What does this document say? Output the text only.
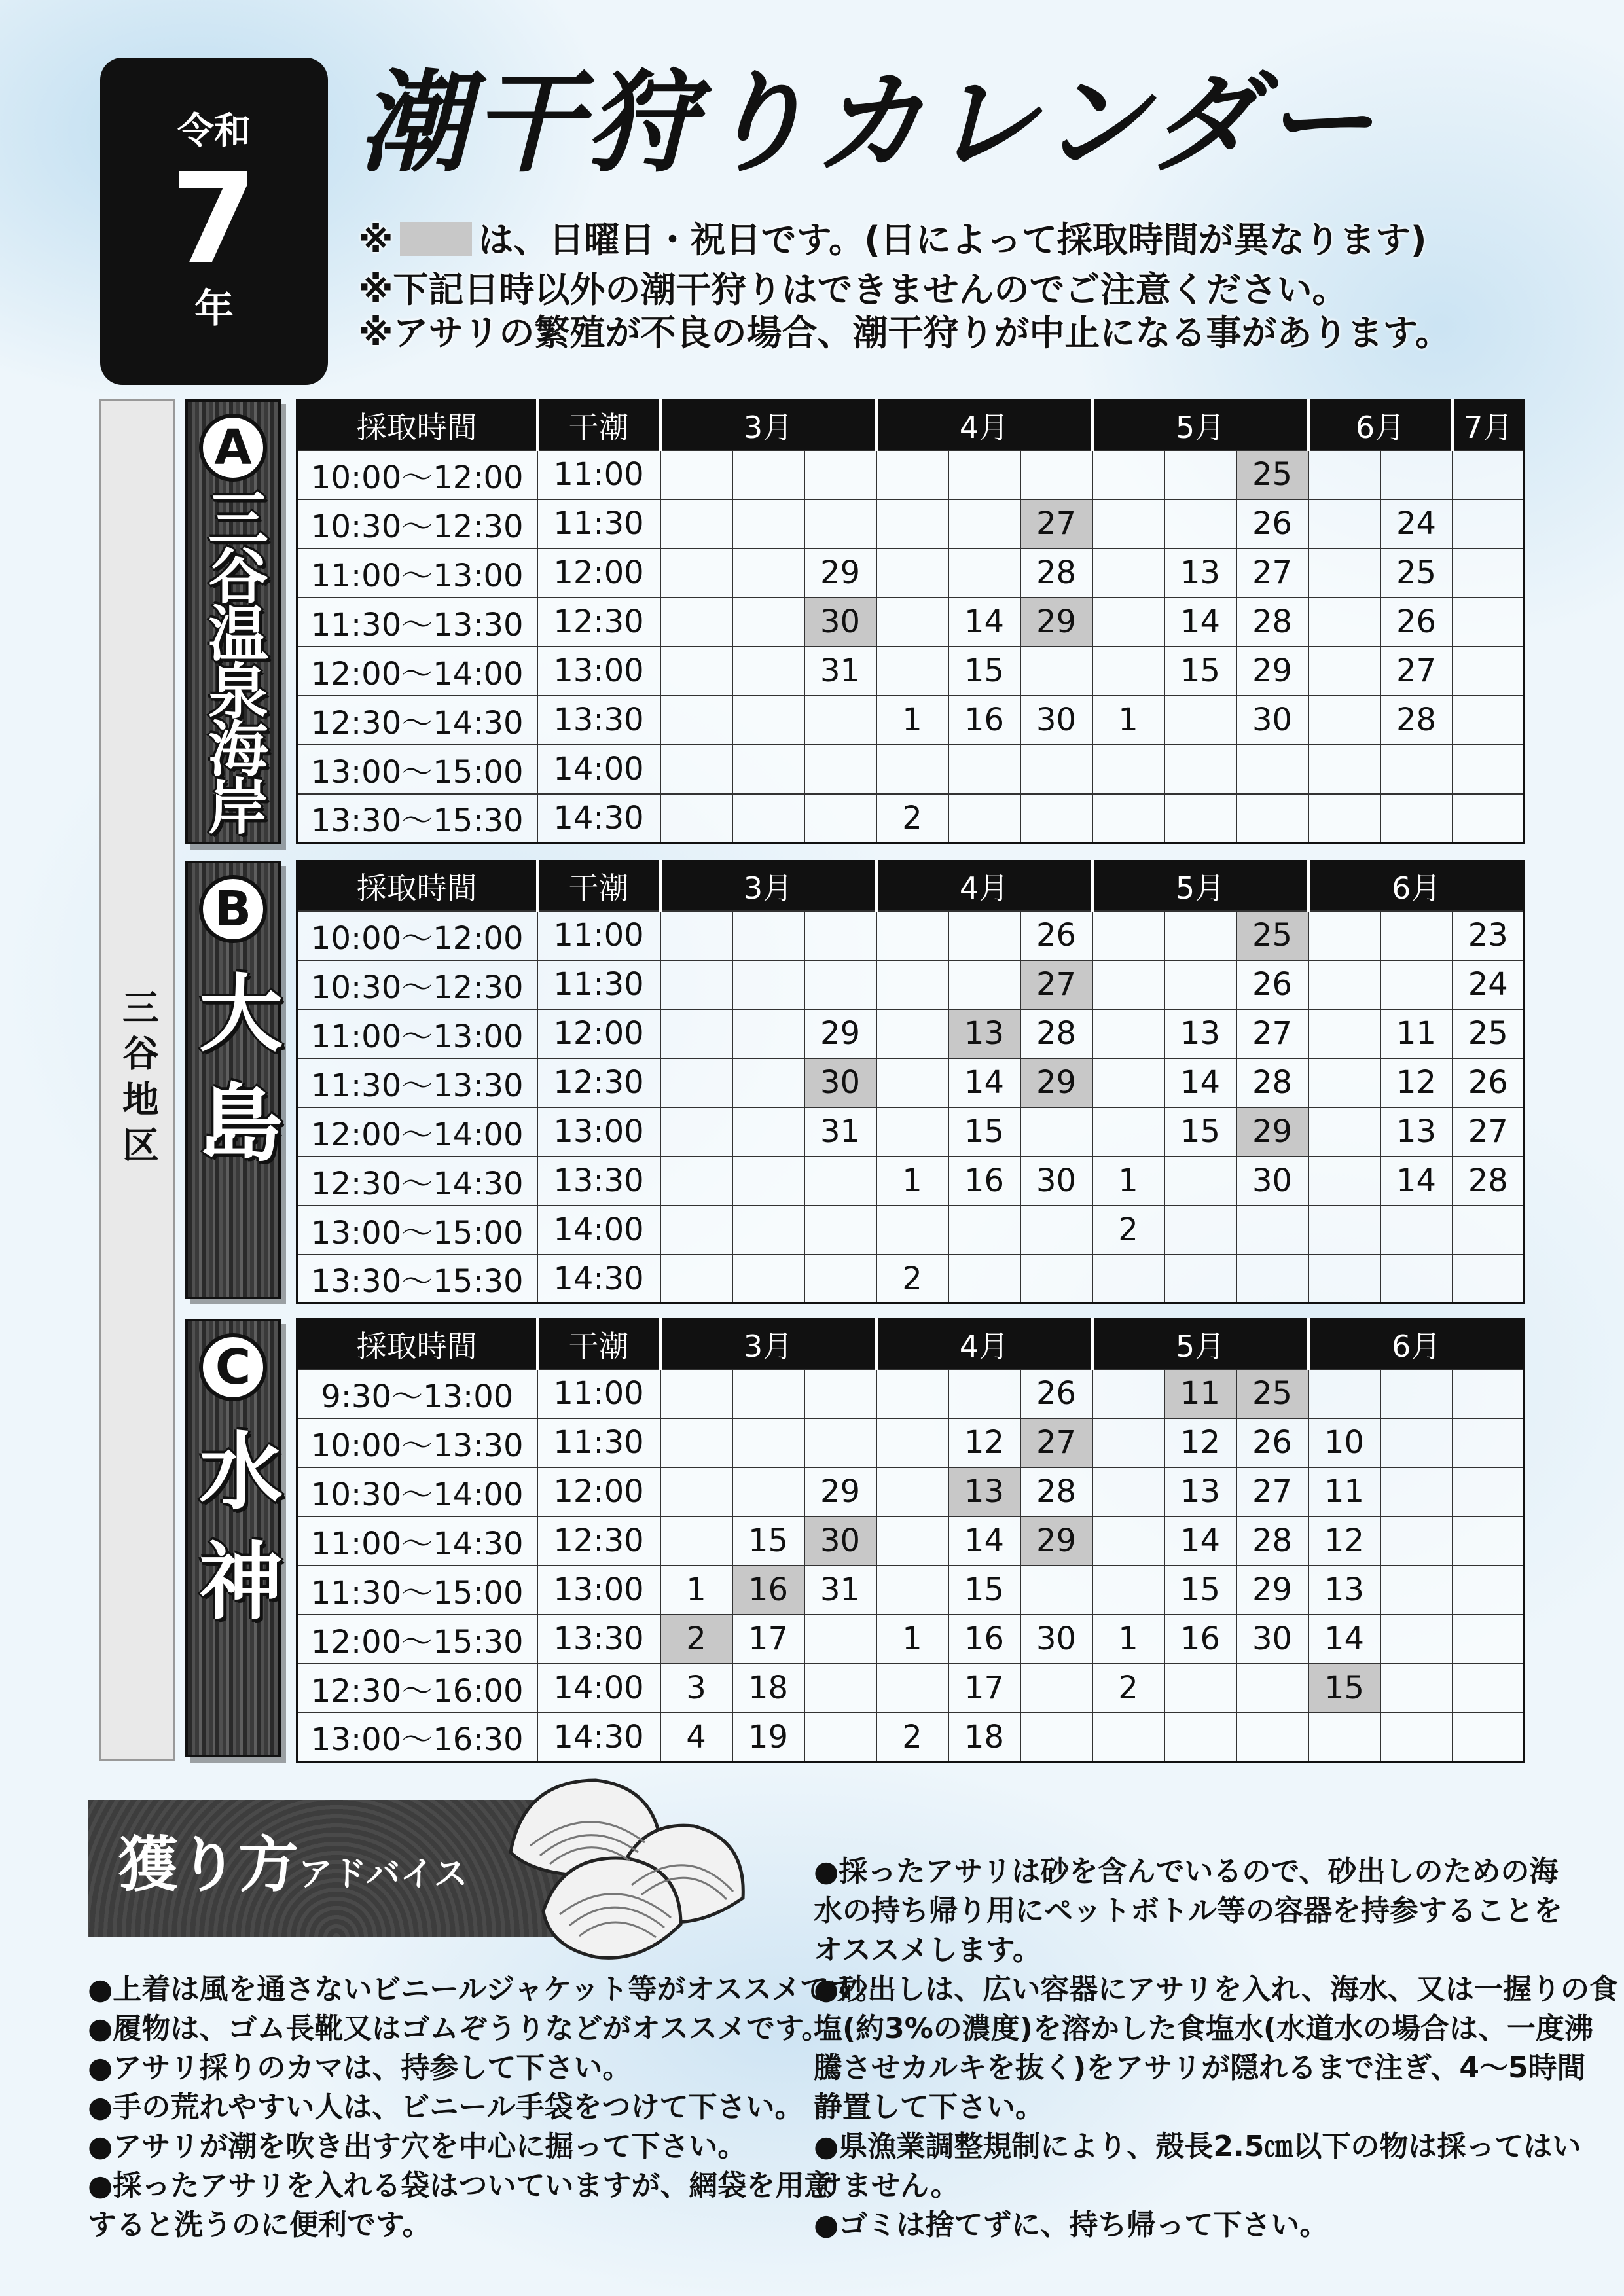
令和
7
年
潮干狩りカレンダー
※ は、日曜日・祝日です。(日によって採取時間が異なります)
※下記日時以外の潮干狩りはできませんのでご注意ください。
※アサリの繁殖が不良の場合、潮干狩りが中止になる事があります。
三谷地区
A
三谷温泉海岸
B
大島
C
水神
採取時間	干潮	3月			4月			5月			6月		7月
10:00〜12:00	11:00									25			
10:30〜12:30	11:30						27			26		24	
11:00〜13:00	12:00			29			28		13	27		25	
11:30〜13:30	12:30			30		14	29		14	28		26	
12:00〜14:00	13:00			31		15			15	29		27	
12:30〜14:30	13:30				1	16	30	1		30		28	
13:00〜15:00	14:00												
13:30〜15:30	14:30				2								
採取時間	干潮	3月			4月			5月			6月		
10:00〜12:00	11:00						26			25			23
10:30〜12:30	11:30						27			26			24
11:00〜13:00	12:00			29		13	28		13	27		11	25
11:30〜13:30	12:30			30		14	29		14	28		12	26
12:00〜14:00	13:00			31		15			15	29		13	27
12:30〜14:30	13:30				1	16	30	1		30		14	28
13:00〜15:00	14:00							2					
13:30〜15:30	14:30				2								
採取時間	干潮	3月			4月			5月			6月		
9:30〜13:00	11:00						26		11	25			
10:00〜13:30	11:30					12	27		12	26	10		
10:30〜14:00	12:00			29		13	28		13	27	11		
11:00〜14:30	12:30		15	30		14	29		14	28	12		
11:30〜15:00	13:00	1	16	31		15			15	29	13		
12:00〜15:30	13:30	2	17		1	16	30	1	16	30	14		
12:30〜16:00	14:00	3	18			17		2			15		
13:00〜16:30	14:30	4	19		2	18							
獲り方アドバイス
●上着は風を通さないビニールジャケット等がオススメです。
●履物は、ゴム長靴又はゴムぞうりなどがオススメです。
●アサリ採りのカマは、持参して下さい。
●手の荒れやすい人は、ビニール手袋をつけて下さい。
●アサリが潮を吹き出す穴を中心に掘って下さい。
●採ったアサリを入れる袋はついていますが、網袋を用意
すると洗うのに便利です。
●採ったアサリは砂を含んでいるので、砂出しのための海
水の持ち帰り用にペットボトル等の容器を持参することを
オススメします。
●砂出しは、広い容器にアサリを入れ、海水、又は一握りの食
塩(約3%の濃度)を溶かした食塩水(水道水の場合は、一度沸
騰させカルキを抜く)をアサリが隠れるまで注ぎ、4〜5時間
静置して下さい。
●県漁業調整規制により、殻長2.5㎝以下の物は採ってはい
けません。
●ゴミは捨てずに、持ち帰って下さい。
